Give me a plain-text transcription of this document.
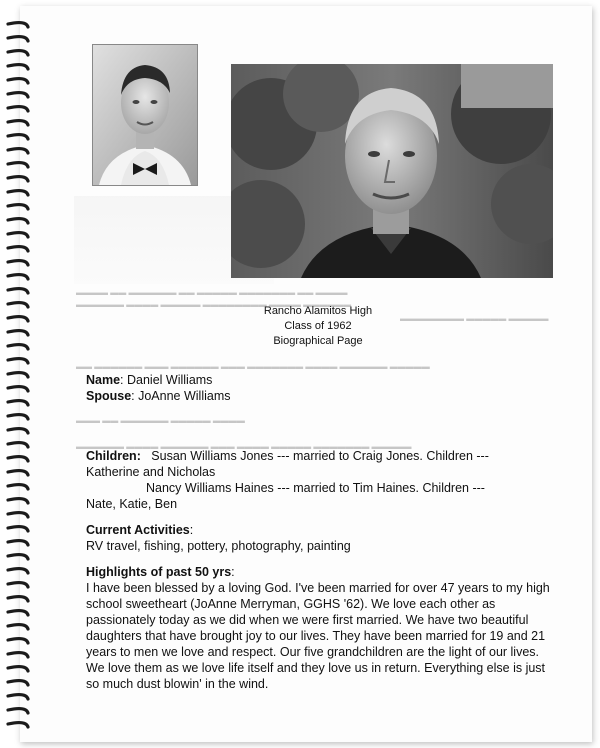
▬▬▬▬ ▬▬ ▬▬▬▬▬▬ ▬▬ ▬▬▬▬▬ ▬▬▬▬▬▬▬ ▬▬ ▬▬▬▬
▬▬▬▬▬▬ ▬▬▬▬ ▬▬▬▬▬ ▬▬▬▬▬▬▬▬ ▬▬▬▬ ▬▬▬▬▬▬
▬▬▬▬▬▬▬▬ ▬▬▬▬▬ ▬▬▬▬▬
▬▬ ▬▬▬▬▬▬ ▬▬▬ ▬▬▬▬▬▬ ▬▬▬ ▬▬▬▬▬▬▬ ▬▬▬▬ ▬▬▬▬▬▬ ▬▬▬▬▬
▬▬▬ ▬▬ ▬▬▬▬▬▬ ▬▬▬▬▬ ▬▬▬▬
▬▬▬▬▬▬ ▬▬▬▬ ▬▬▬▬▬▬ ▬▬▬ ▬▬▬▬ ▬▬▬▬▬ ▬▬▬▬▬▬▬ ▬▬▬▬▬
Rancho Alamitos High
Class of 1962
Biographical Page
Name: Daniel Williams
Spouse: JoAnne Williams
Children: Susan Williams Jones --- married to Craig Jones. Children ---
Katherine and Nicholas
Nancy Williams Haines --- married to Tim Haines. Children ---
Nate, Katie, Ben
Current Activities:
RV travel, fishing, pottery, photography, painting
Highlights of past 50 yrs:
I have been blessed by a loving God. I've been married for over 47 years to my high school sweetheart (JoAnne Merryman, GGHS '62). We love each other as passionately today as we did when we were first married. We have two beautiful daughters that have brought joy to our lives. They have been married for 19 and 21 years to men we love and respect. Our five grandchildren are the light of our lives. We love them as we love life itself and they love us in return. Everything else is just so much dust blowin' in the wind.
